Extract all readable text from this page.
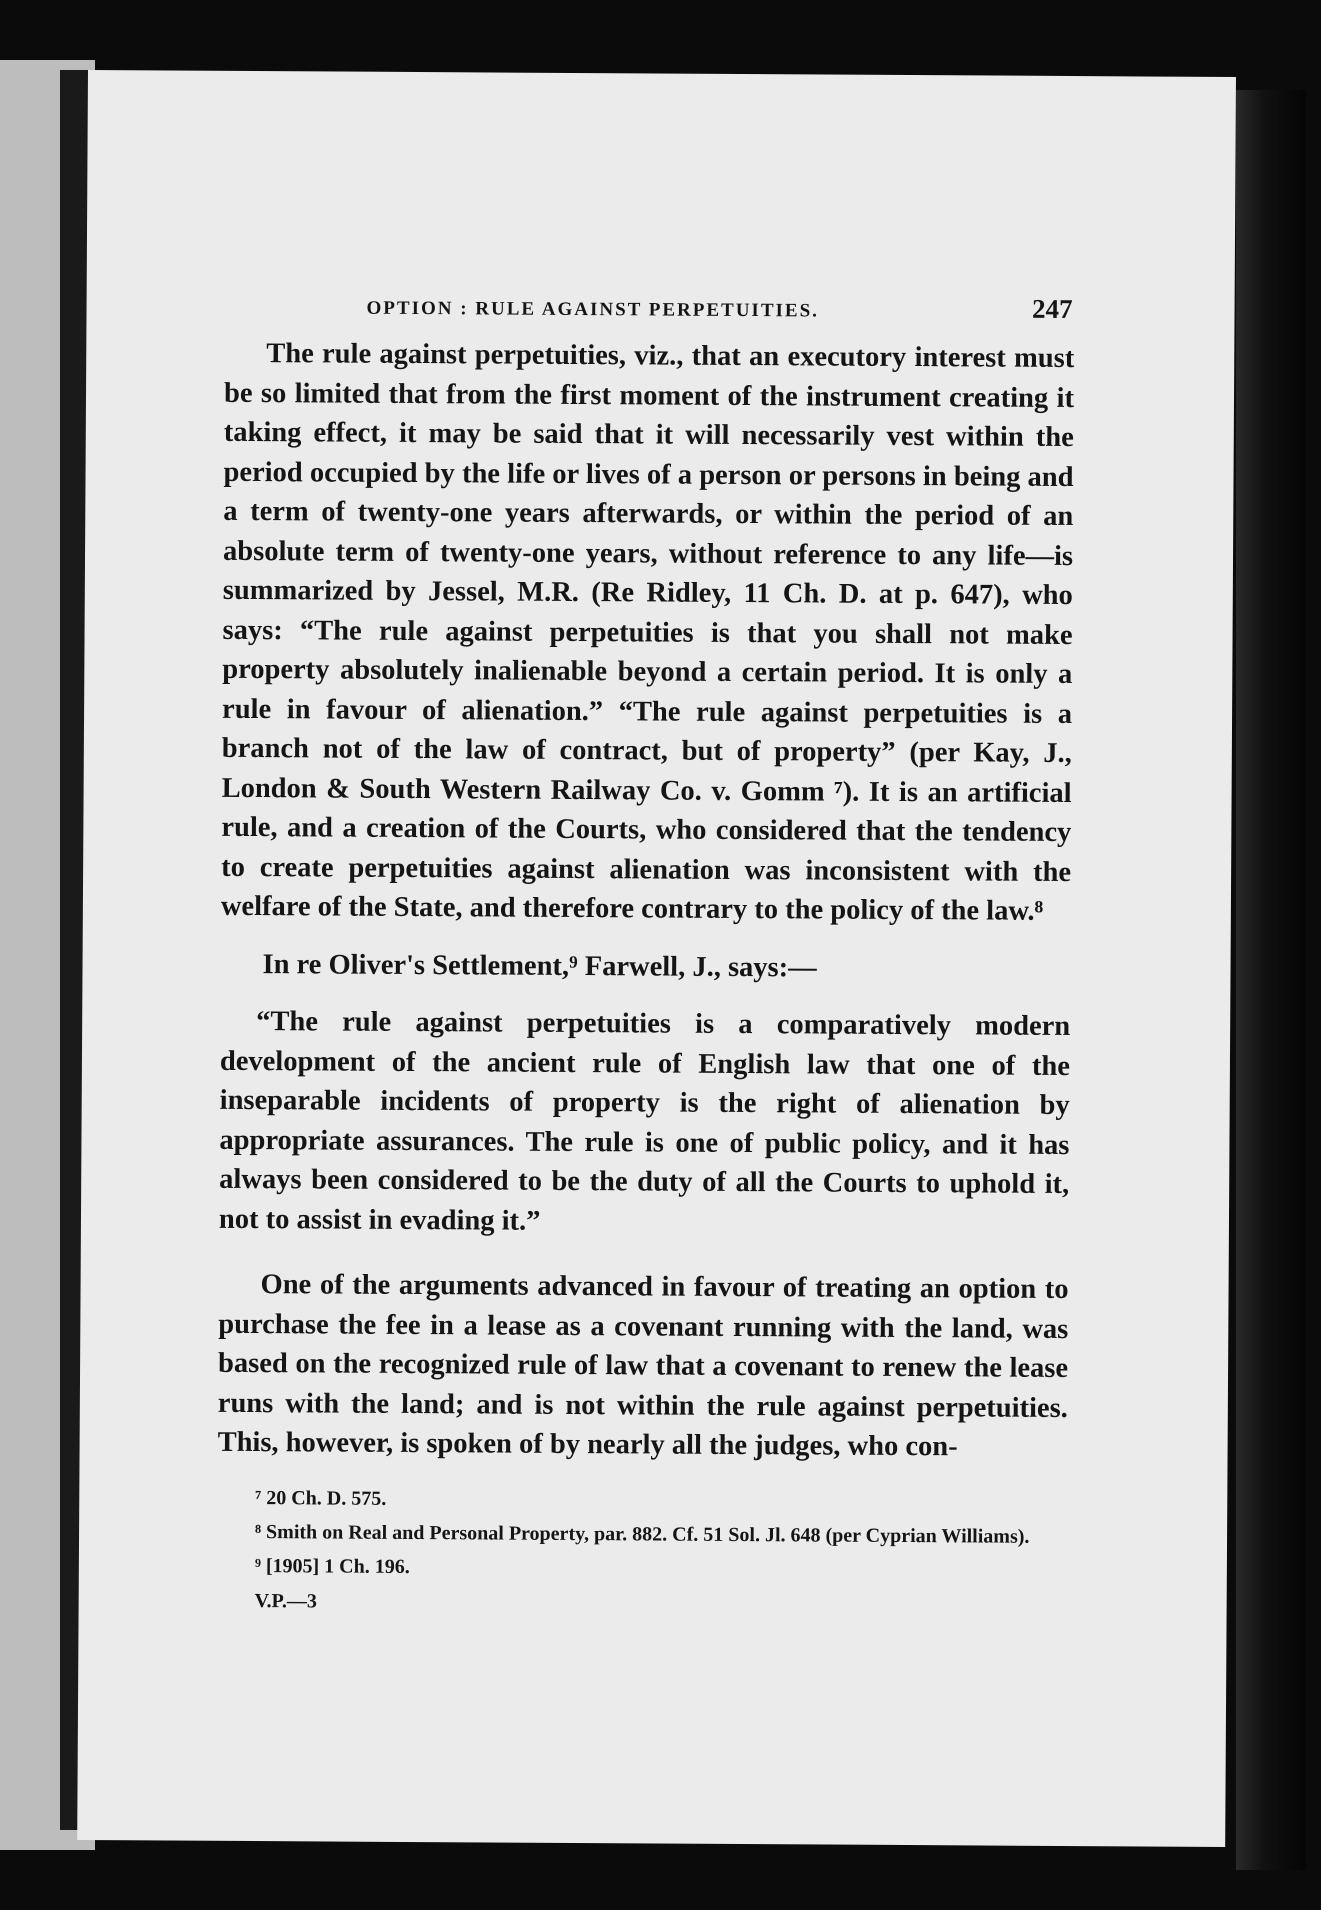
OPTION : RULE AGAINST PERPETUITIES.	247

The rule against perpetuities, viz., that an executory interest must be so limited that from the first moment of the instrument creating it taking effect, it may be said that it will necessarily vest within the period occupied by the life or lives of a person or persons in being and a term of twenty-one years afterwards, or within the period of an absolute term of twenty-one years, without reference to any life—is summarized by Jessel, M.R. (Re Ridley, 11 Ch. D. at p. 647), who says: “The rule against perpetuities is that you shall not make property absolutely inalienable beyond a certain period. It is only a rule in favour of alienation.” “The rule against perpetuities is a branch not of the law of contract, but of property” (per Kay, J., London & South Western Railway Co. v. Gomm ⁷). It is an artificial rule, and a creation of the Courts, who considered that the tendency to create perpetuities against alienation was inconsistent with the welfare of the State, and therefore contrary to the policy of the law.⁸

In re Oliver's Settlement,⁹ Farwell, J., says:—

“The rule against perpetuities is a comparatively modern development of the ancient rule of English law that one of the inseparable incidents of property is the right of alienation by appropriate assurances. The rule is one of public policy, and it has always been considered to be the duty of all the Courts to uphold it, not to assist in evading it.”

One of the arguments advanced in favour of treating an option to purchase the fee in a lease as a covenant running with the land, was based on the recognized rule of law that a covenant to renew the lease runs with the land; and is not within the rule against perpetuities. This, however, is spoken of by nearly all the judges, who con-

⁷ 20 Ch. D. 575.

⁸ Smith on Real and Personal Property, par. 882. Cf. 51 Sol. Jl. 648 (per Cyprian Williams).

⁹ [1905] 1 Ch. 196.

V.P.—3
